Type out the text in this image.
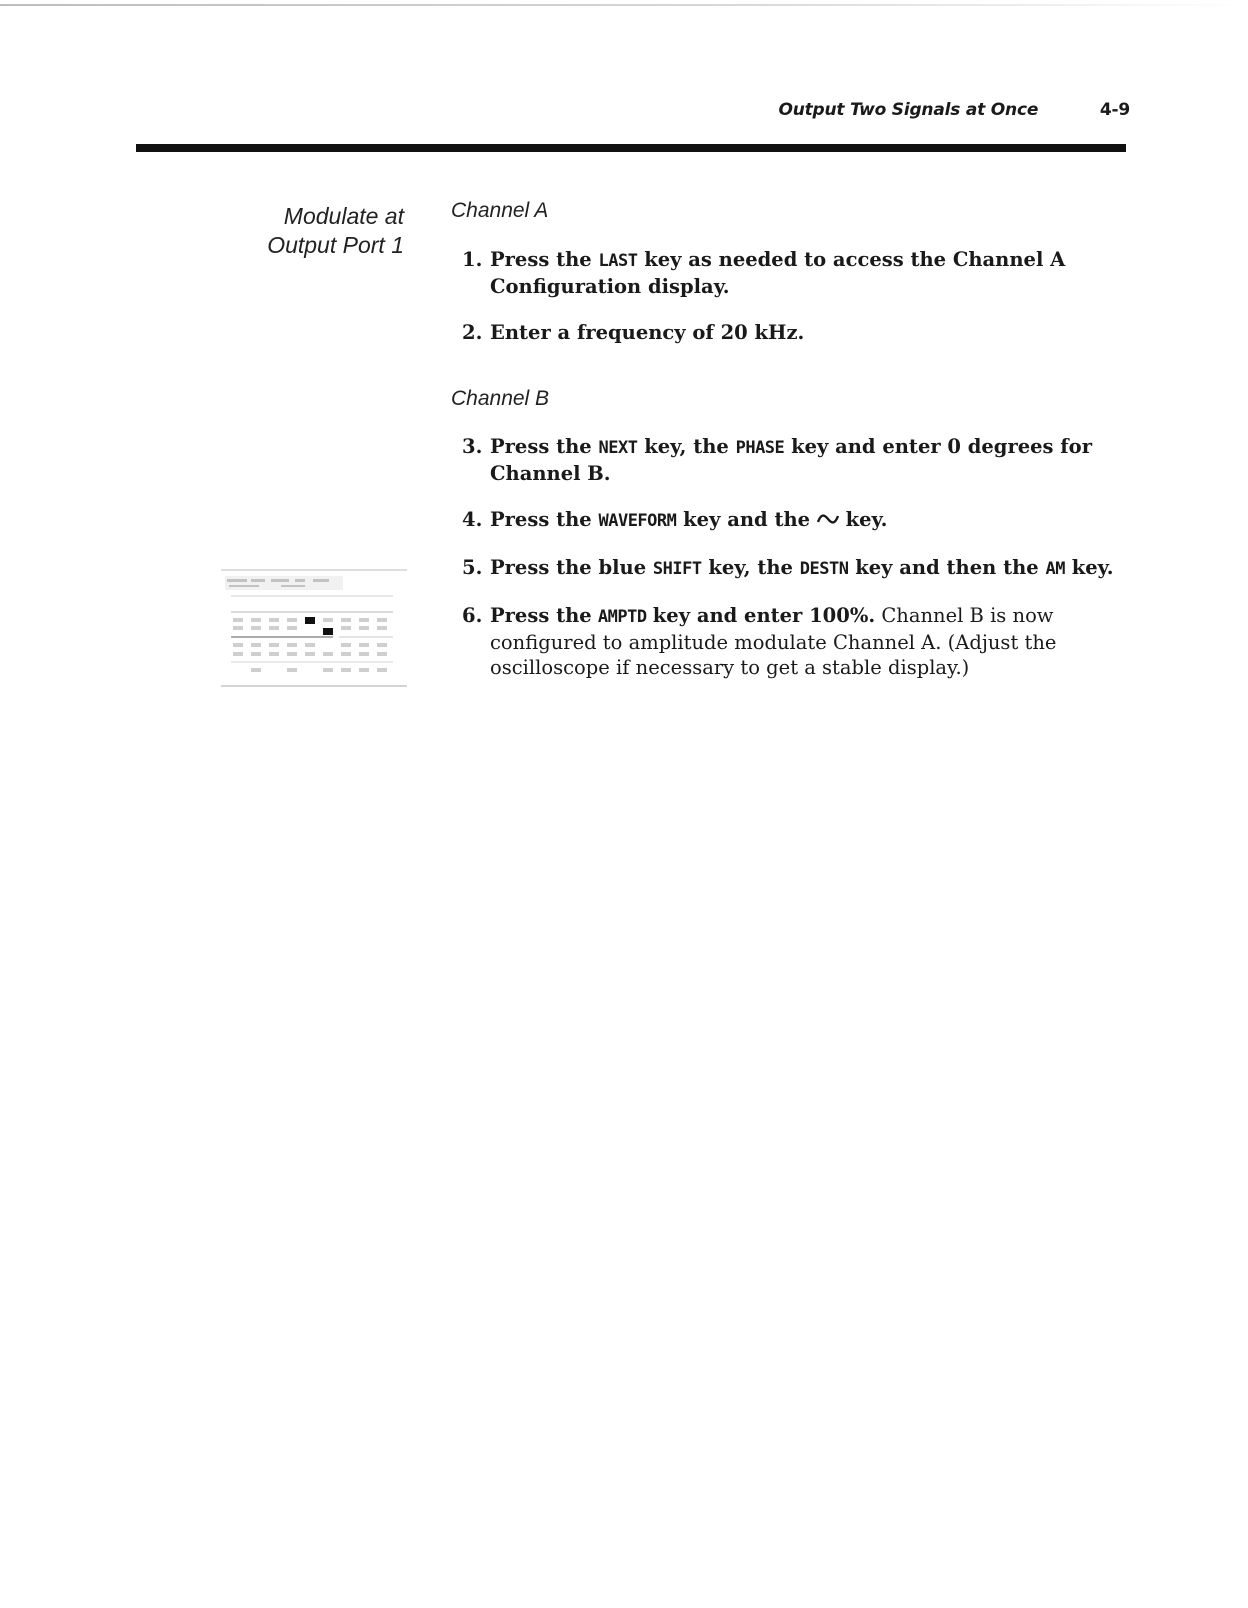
Output Two Signals at Once	4-9
Modulate at
Output Port 1
Channel A
1. Press the LAST key as needed to access the Channel A Configuration display.
2. Enter a frequency of 20 kHz.
Channel B
3. Press the NEXT key, the PHASE key and enter 0 degrees for Channel B.
4. Press the WAVEFORM key and the key.
5. Press the blue SHIFT key, the DESTN key and then the AM key.
6. Press the AMPTD key and enter 100%. Channel B is now configured to amplitude modulate Channel A. (Adjust the oscilloscope if necessary to get a stable display.)
